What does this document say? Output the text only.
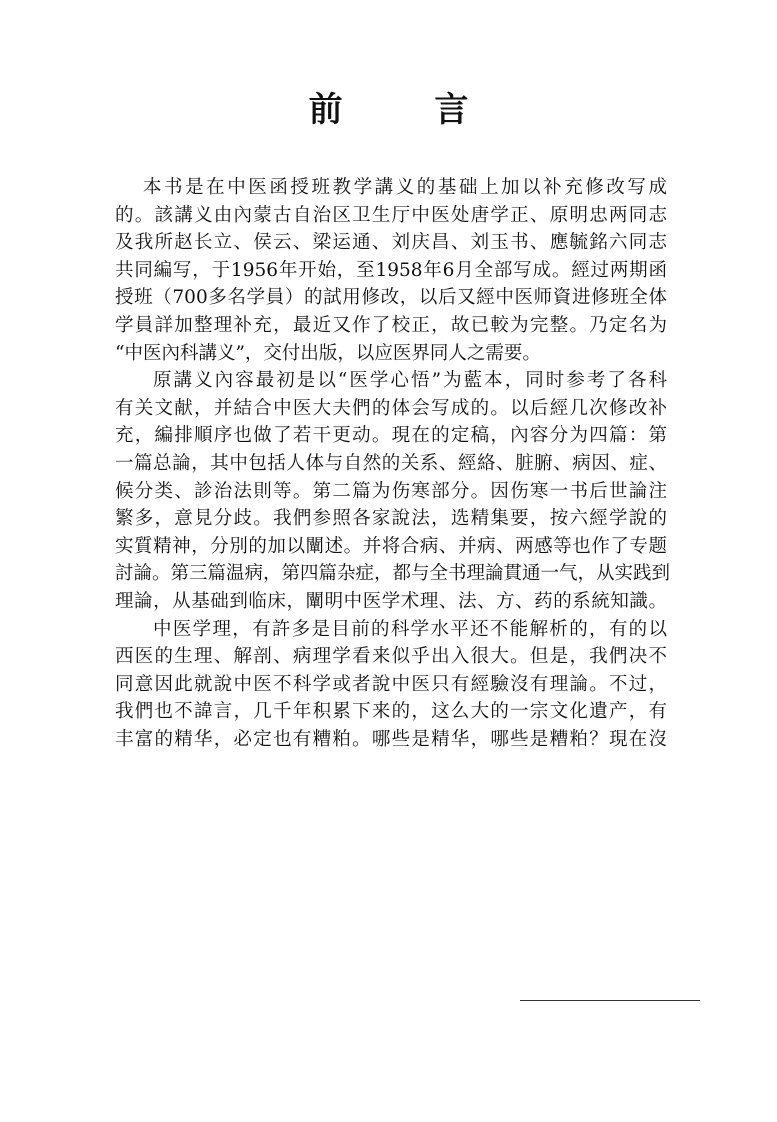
前 言
本书是在中医函授班教学講义的基础上加以补充修改写成
的。該講义由內蒙古自治区卫生厅中医处唐学正、原明忠两同志
及我所赵长立、侯云、梁运通、刘庆昌、刘玉书、應毓銘六同志
共同編写，于1956年开始，至1958年6月全部写成。經过两期函
授班（700多名学員）的試用修改，以后又經中医师資进修班全体
学員詳加整理补充，最近又作了校正，故已較为完整。乃定名为
“中医內科講义”，交付出版，以应医界同人之需要。
原講义內容最初是以“医学心悟”为藍本，同时参考了各科
有关文献，并結合中医大夫們的体会写成的。以后經几次修改补
充，編排順序也做了若干更动。現在的定稿，內容分为四篇：第
一篇总論，其中包括人体与自然的关系、經絡、脏腑、病因、症、
候分类、診治法則等。第二篇为伤寒部分。因伤寒一书后世論注
繁多，意見分歧。我們参照各家說法，选精集要，按六經学說的
实質精神，分別的加以闡述。并将合病、并病、两感等也作了专题
討論。第三篇温病，第四篇杂症，都与全书理論貫通一气，从实践到
理論，从基础到临床，闡明中医学术理、法、方、药的系統知識。
中医学理，有許多是目前的科学水平还不能解析的，有的以
西医的生理、解剖、病理学看来似乎出入很大。但是，我們决不
同意因此就說中医不科学或者說中医只有經驗沒有理論。不过，
我們也不諱言，几千年积累下来的，这么大的一宗文化遺产，有
丰富的精华，必定也有糟粕。哪些是精华，哪些是糟粕？現在沒
